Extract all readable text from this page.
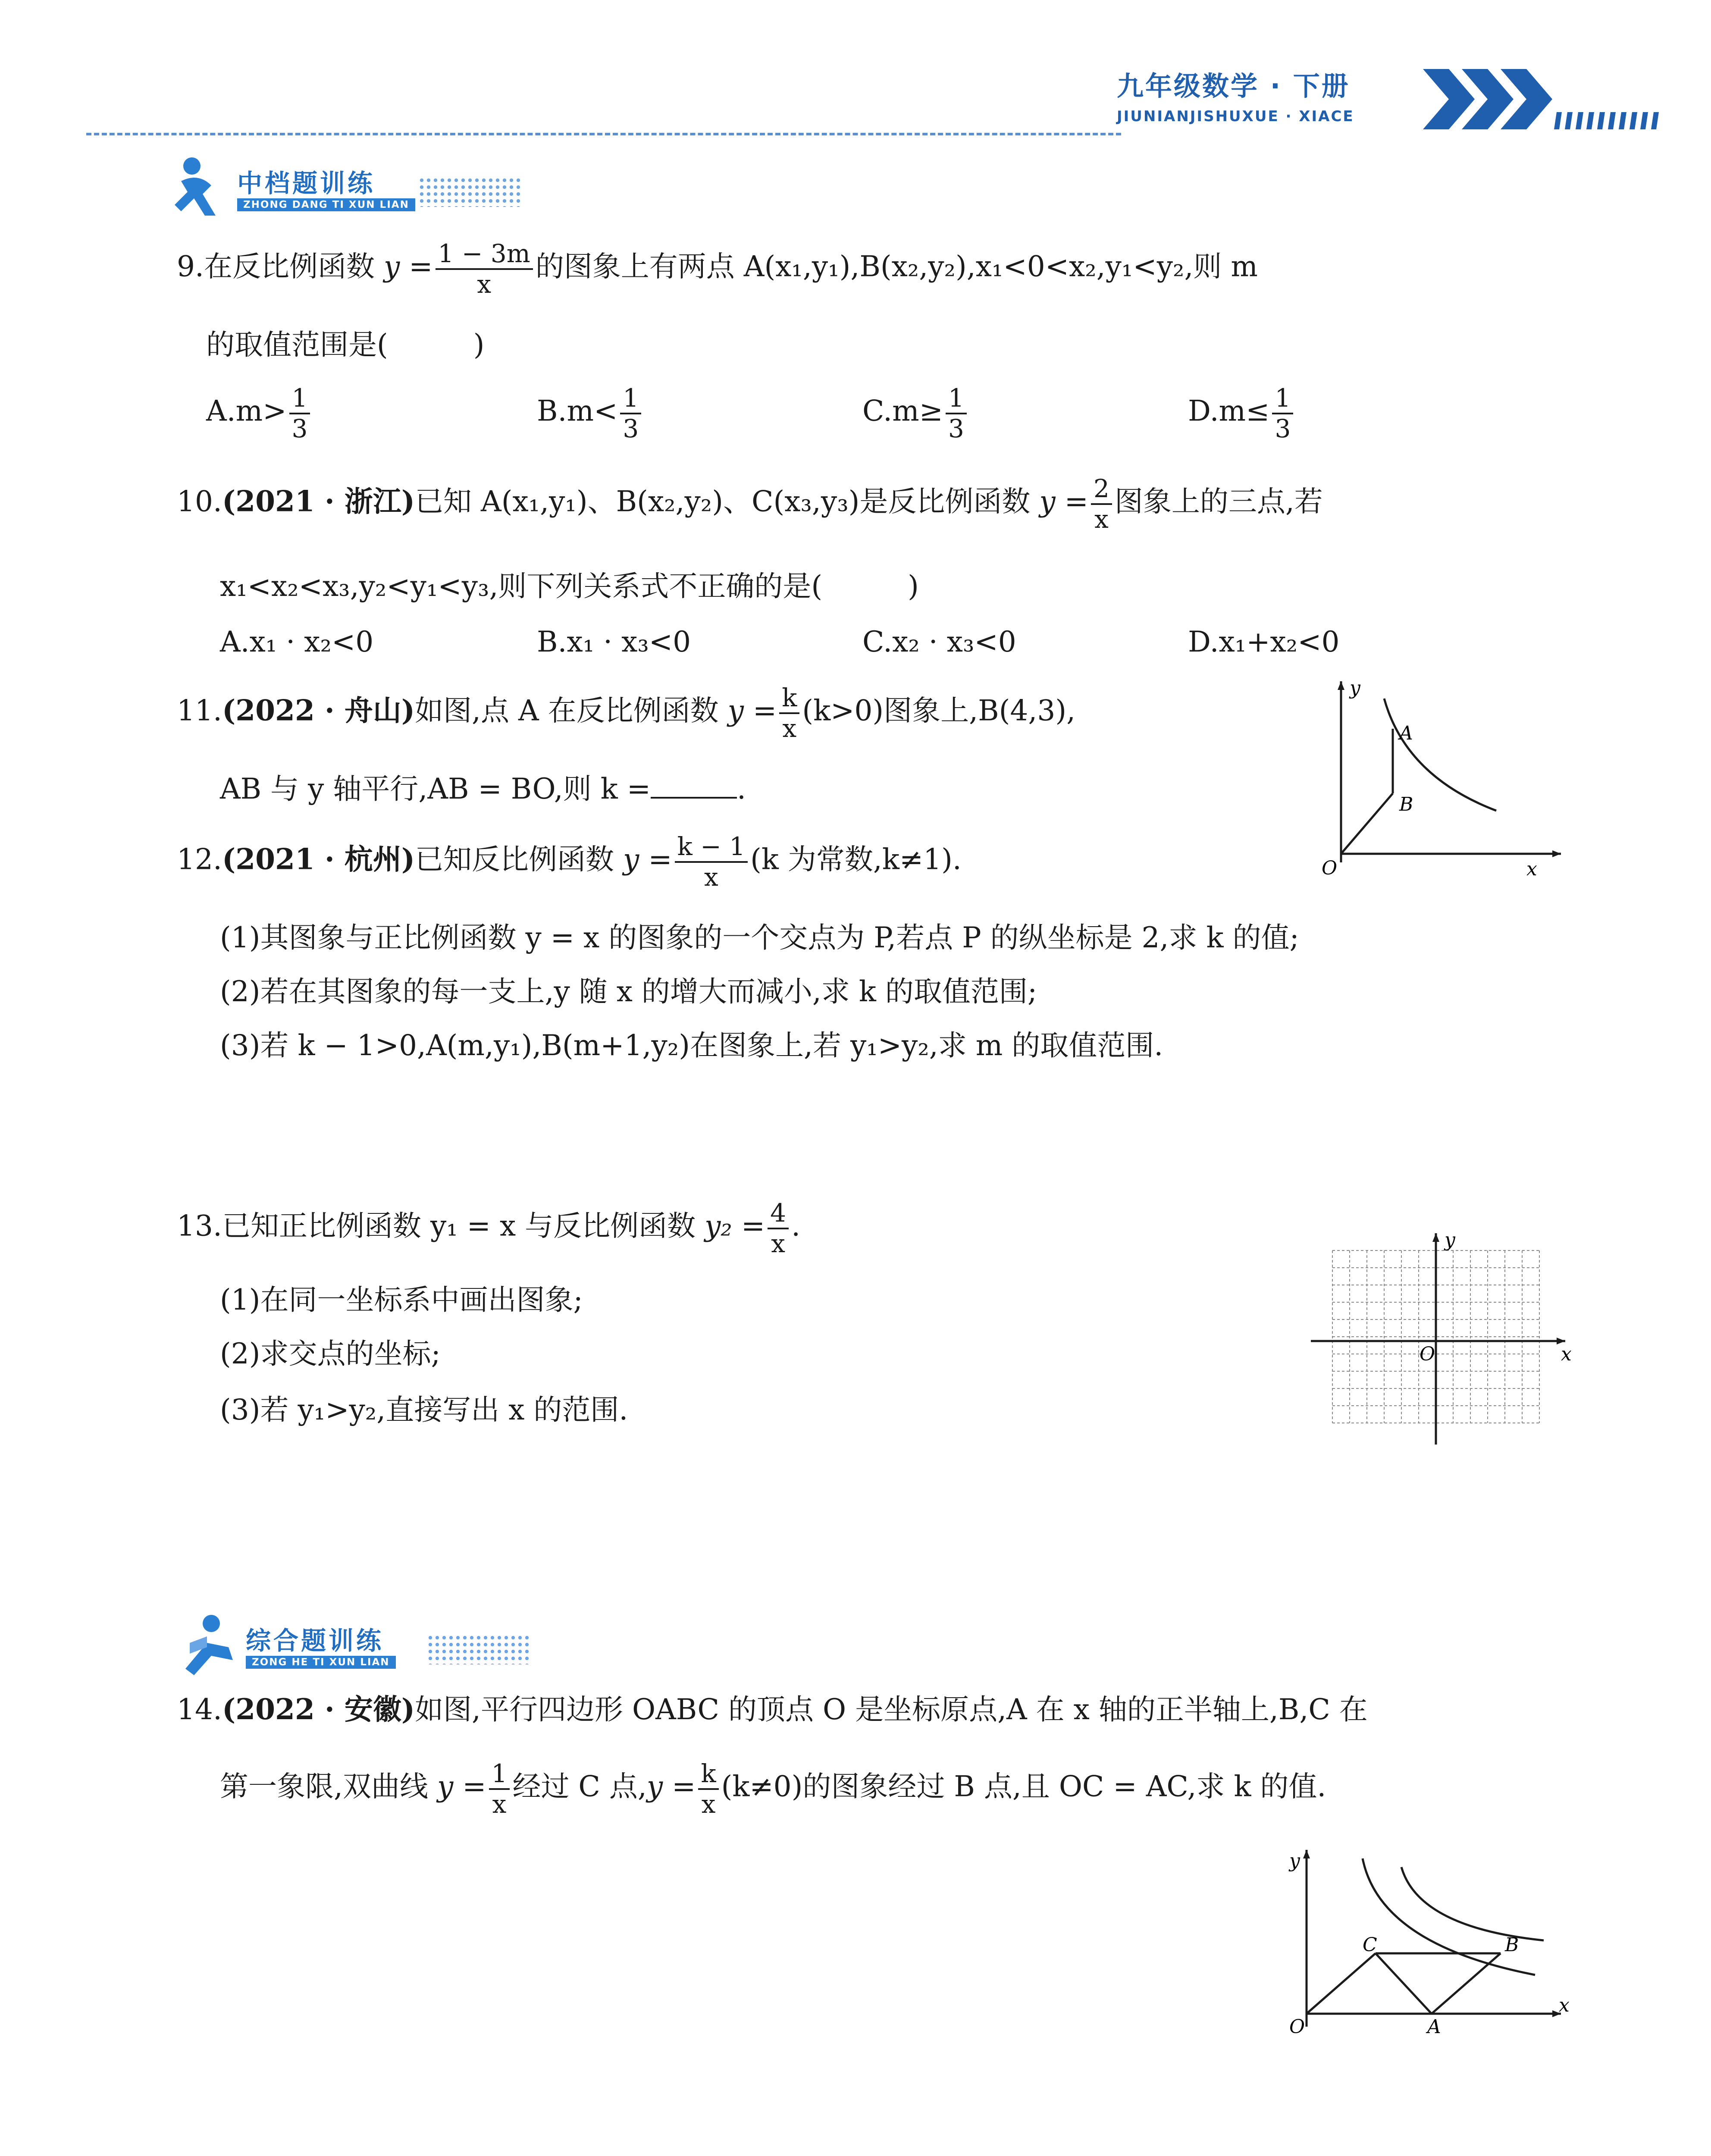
九年级数学 · 下册
JIUNIANJISHUXUE · XIACE
中档题训练
ZHONG DANG TI XUN LIAN
9.在反比例函数 $y = \frac{1 - 3m}{x}$ 的图象上有两点 A(x₁,y₁),B(x₂,y₂),x₁<0<x₂,y₁<y₂,则 m
的取值范围是(　　　)
$A.m> \frac{1}{3}$	$B.m< \frac{1}{3}$	$C.m\ge \frac{1}{3}$	$D.m\le \frac{1}{3}$
10.(2021 · 浙江)已知 A(x₁,y₁)、B(x₂,y₂)、C(x₃,y₃)是反比例函数 $y = \frac{2}{x}$ 图象上的三点,若
x₁<x₂<x₃,y₂<y₁<y₃,则下列关系式不正确的是(　　　)
A.x₁ · x₂<0	B.x₁ · x₃<0	C.x₂ · x₃<0	D.x₁+x₂<0
11.(2022 · 舟山)如图,点 A 在反比例函数 $y = \frac{k}{x} (k>0)$图象上,B(4,3),
AB 与 y 轴平行,AB = BO,则 k =	.
y
x
O
A
B
12.(2021 · 杭州)已知反比例函数 $y = \frac{k - 1}{x} (k$ 为常数,k≠1).
(1)其图象与正比例函数 y = x 的图象的一个交点为 P,若点 P 的纵坐标是 2,求 k 的值;
(2)若在其图象的每一支上,y 随 x 的增大而减小,求 k 的取值范围;
(3)若 k − 1>0,A(m,y₁),B(m+1,y₂)在图象上,若 y₁>y₂,求 m 的取值范围.
13.已知正比例函数 y₁ = x 与反比例函数 $y_2 = \frac{4}{x}$ .
(1)在同一坐标系中画出图象;
(2)求交点的坐标;
(3)若 y₁>y₂,直接写出 x 的范围.
y
x
O
综合题训练
ZONG HE TI XUN LIAN
14.(2022 · 安徽)如图,平行四边形 OABC 的顶点 O 是坐标原点,A 在 x 轴的正半轴上,B,C 在
第一象限,双曲线 $y = \frac{1}{x}$ 经过 C 点$,y = \frac{k}{x} (k\ne 0)$的图象经过 B 点,且 OC = AC,求 k 的值.
y
x
O	A
B
C
